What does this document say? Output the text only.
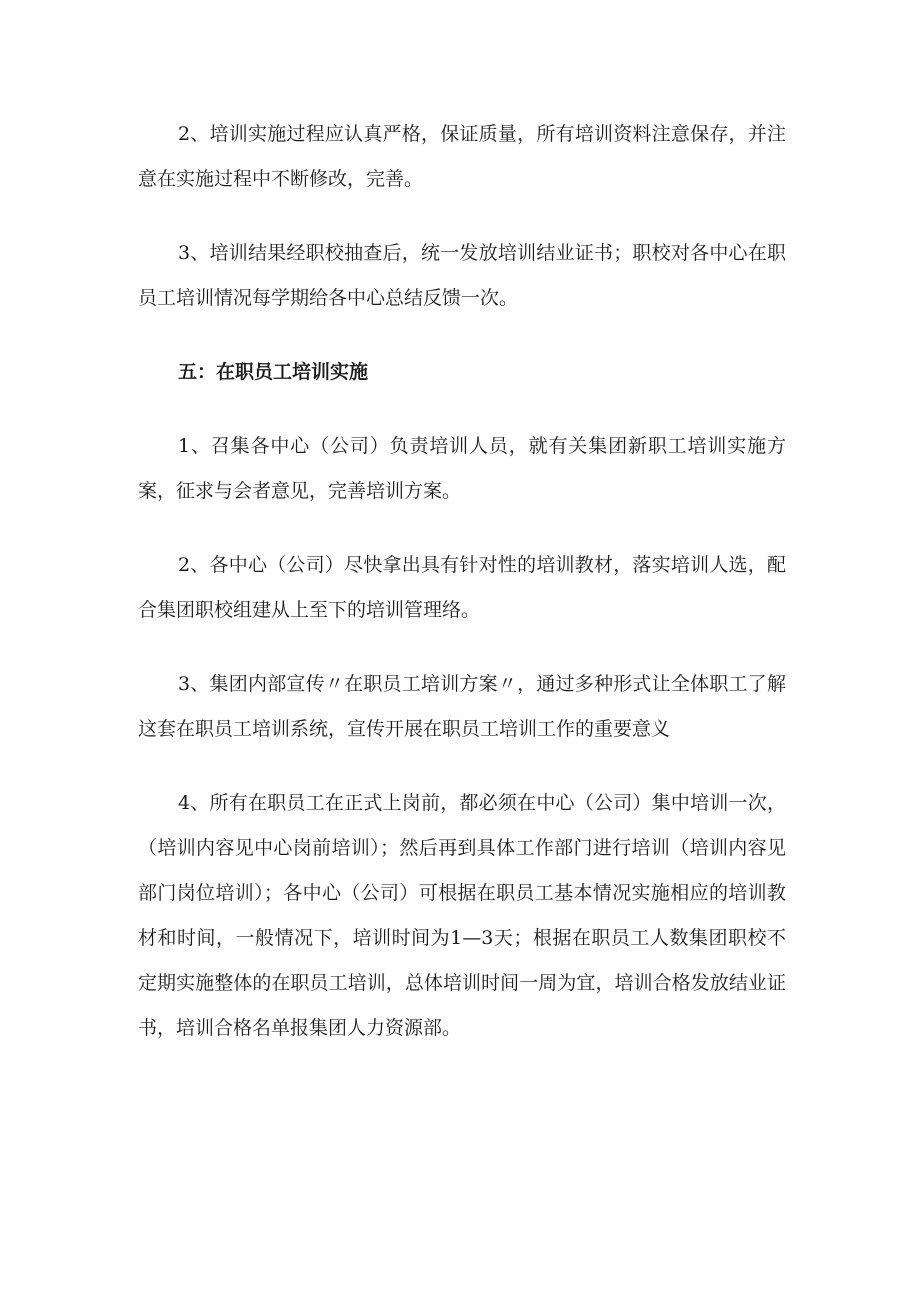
2、培训实施过程应认真严格，保证质量，所有培训资料注意保存，并注意在实施过程中不断修改，完善。

3、培训结果经职校抽查后，统一发放培训结业证书；职校对各中心在职员工培训情况每学期给各中心总结反馈一次。

五：在职员工培训实施

1、召集各中心（公司）负责培训人员，就有关集团新职工培训实施方案，征求与会者意见，完善培训方案。

2、各中心（公司）尽快拿出具有针对性的培训教材，落实培训人选，配合集团职校组建从上至下的培训管理络。

3、集团内部宣传〃在职员工培训方案〃，通过多种形式让全体职工了解这套在职员工培训系统，宣传开展在职员工培训工作的重要意义

4、所有在职员工在正式上岗前，都必须在中心（公司）集中培训一次，（培训内容见中心岗前培训）；然后再到具体工作部门进行培训（培训内容见部门岗位培训）；各中心（公司）可根据在职员工基本情况实施相应的培训教材和时间，一般情况下，培训时间为1—3天；根据在职员工人数集团职校不定期实施整体的在职员工培训，总体培训时间一周为宜，培训合格发放结业证书，培训合格名单报集团人力资源部。
